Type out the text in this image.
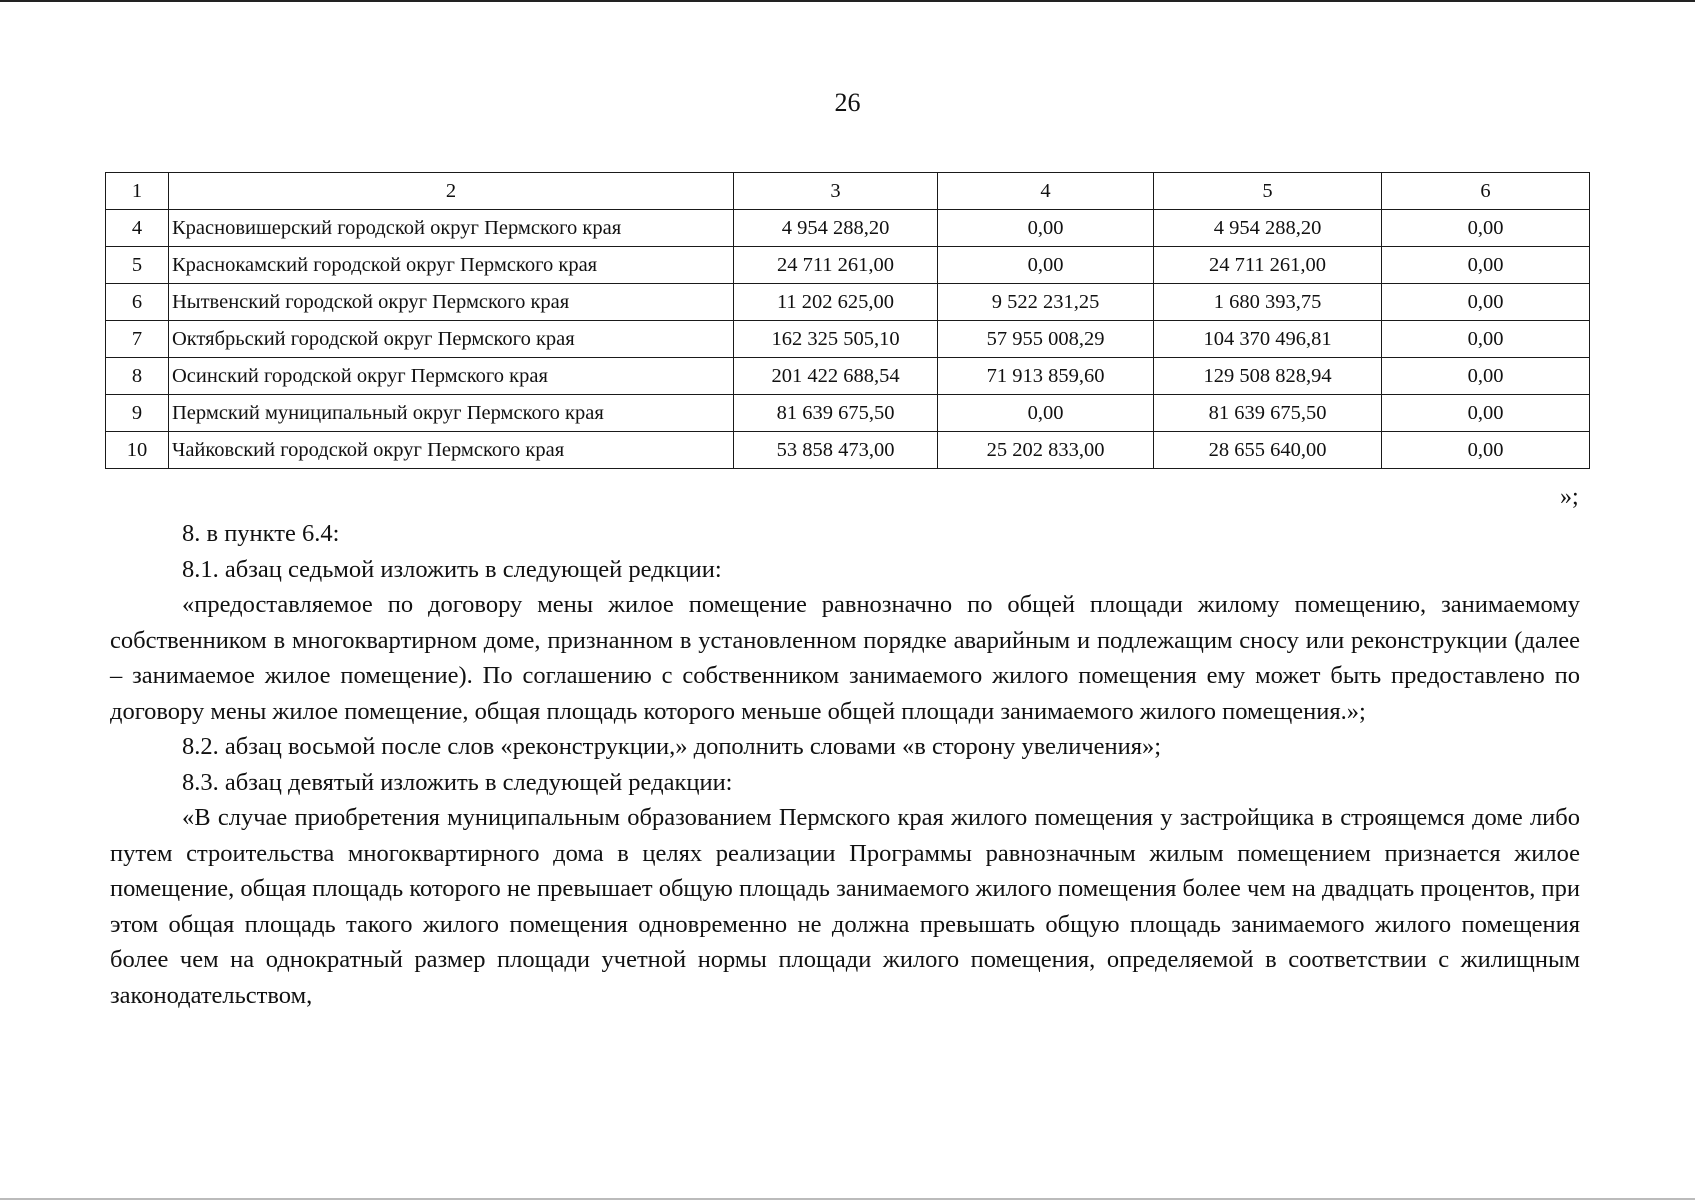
26
1	2	3	4	5	6
4	Красновишерский городской округ Пермского края	4 954 288,20	0,00	4 954 288,20	0,00
5	Краснокамский городской округ Пермского края	24 711 261,00	0,00	24 711 261,00	0,00
6	Нытвенский городской округ Пермского края	11 202 625,00	9 522 231,25	1 680 393,75	0,00
7	Октябрьский городской округ Пермского края	162 325 505,10	57 955 008,29	104 370 496,81	0,00
8	Осинский городской округ Пермского края	201 422 688,54	71 913 859,60	129 508 828,94	0,00
9	Пермский муниципальный округ Пермского края	81 639 675,50	0,00	81 639 675,50	0,00
10	Чайковский городской округ Пермского края	53 858 473,00	25 202 833,00	28 655 640,00	0,00
»;

8. в пункте 6.4:

8.1. абзац седьмой изложить в следующей редкции:

«предоставляемое по договору мены жилое помещение равнозначно по общей площади жилому помещению, занимаемому собственником в многоквартирном доме, признанном в установленном порядке аварийным и подлежащим сносу или реконструкции (далее – занимаемое жилое помещение). По соглашению с собственником занимаемого жилого помещения ему может быть предоставлено по договору мены жилое помещение, общая площадь которого меньше общей площади занимаемого жилого помещения.»;

8.2. абзац восьмой после слов «реконструкции,» дополнить словами «в сторону увеличения»;

8.3. абзац девятый изложить в следующей редакции:

«В случае приобретения муниципальным образованием Пермского края жилого помещения у застройщика в строящемся доме либо путем строительства многоквартирного дома в целях реализации Программы равнозначным жилым помещением признается жилое помещение, общая площадь которого не превышает общую площадь занимаемого жилого помещения более чем на двадцать процентов, при этом общая площадь такого жилого помещения одновременно не должна превышать общую площадь занимаемого жилого помещения более чем на однократный размер площади учетной нормы площади жилого помещения, определяемой в соответствии с жилищным законодательством,
